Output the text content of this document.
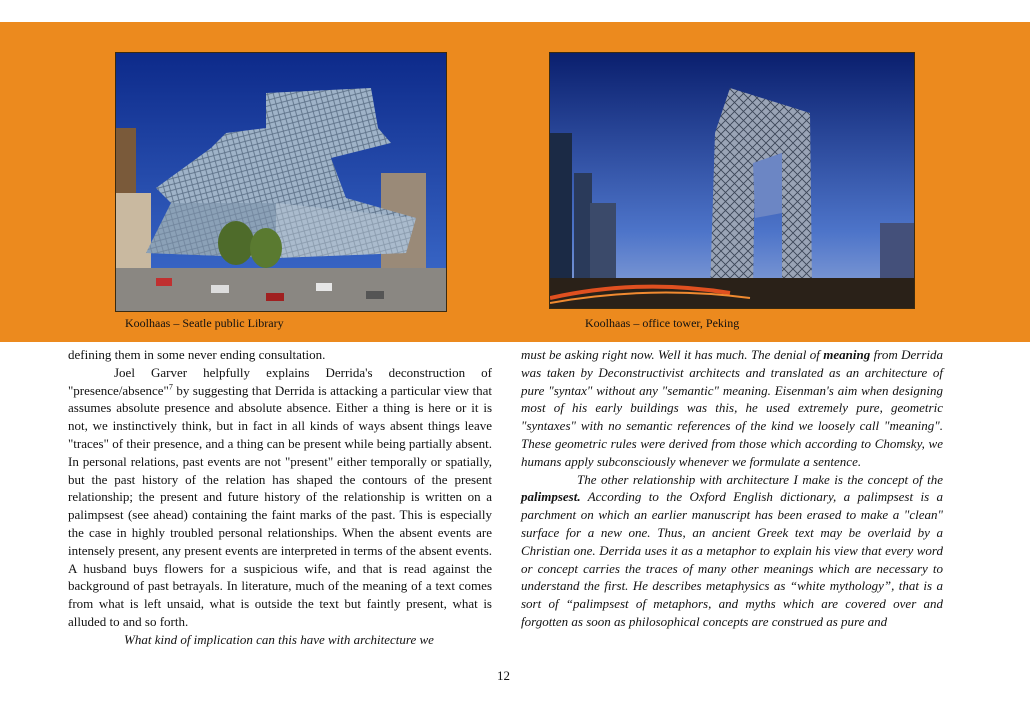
Koolhaas – Seatle public Library	Koolhaas – office tower, Peking

defining them in some never ending consultation.

Joel Garver helpfully explains Derrida's deconstruction of "presence/absence"$^7$ by suggesting that Derrida is attacking a particular view that assumes absolute presence and absolute absence. Either a thing is here or it is not, we instinctively think, but in fact in all kinds of ways absent things leave "traces" of their presence, and a thing can be present while being partially absent. In personal relations, past events are not "present" either temporally or spatially, but the past history of the relation has shaped the contours of the present relationship; the present and future history of the relationship is written on a palimpsest (see ahead) containing the faint marks of the past. This is especially the case in highly troubled personal relationships. When the absent events are intensely present, any present events are interpreted in terms of the absent events. A husband buys flowers for a suspicious wife, and that is read against the background of past betrayals. In literature, much of the meaning of a text comes from what is left unsaid, what is outside the text but faintly present, what is alluded to and so forth.

What kind of implication can this have with architecture we

must be asking right now. Well it has much. The denial of meaning from Derrida was taken by Deconstructivist architects and translated as an architecture of pure "syntax" without any "semantic" meaning. Eisenman's aim when designing most of his early buildings was this, he used extremely pure, geometric "syntaxes" with no semantic references of the kind we loosely call "meaning". These geometric rules were derived from those which according to Chomsky, we humans apply subconsciously whenever we formulate a sentence.

The other relationship with architecture I make is the concept of the palimpsest. According to the Oxford English dictionary, a palimpsest is a parchment on which an earlier manuscript has been erased to make a "clean" surface for a new one. Thus, an ancient Greek text may be overlaid by a Christian one. Derrida uses it as a metaphor to explain his view that every word or concept carries the traces of many other meanings which are necessary to understand the first. He describes metaphysics as “white mythology”, that is a sort of “palimpsest of metaphors, and myths which are covered over and forgotten as soon as philosophical concepts are construed as pure and

12
